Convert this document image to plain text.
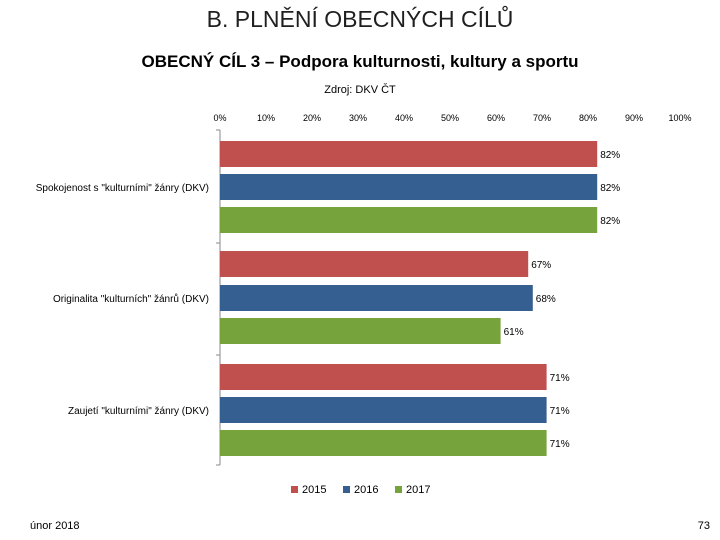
B. PLNĚNÍ OBECNÝCH CÍLŮ
OBECNÝ CÍL 3 – Podpora kulturnosti, kultury a sportu
Zdroj: DKV ČT
0%	10%	20%	30%	40%	50%	60%	70%	80%	90%	100%
82%
67%
71%
82%
68%
71%
82%
61%
71%
Spokojenost s "kulturními" žánry (DKV)
Originalita "kulturních" žánrů (DKV)
Zaujetí "kulturními" žánry (DKV)
2015	2016	2017
únor 2018	73
